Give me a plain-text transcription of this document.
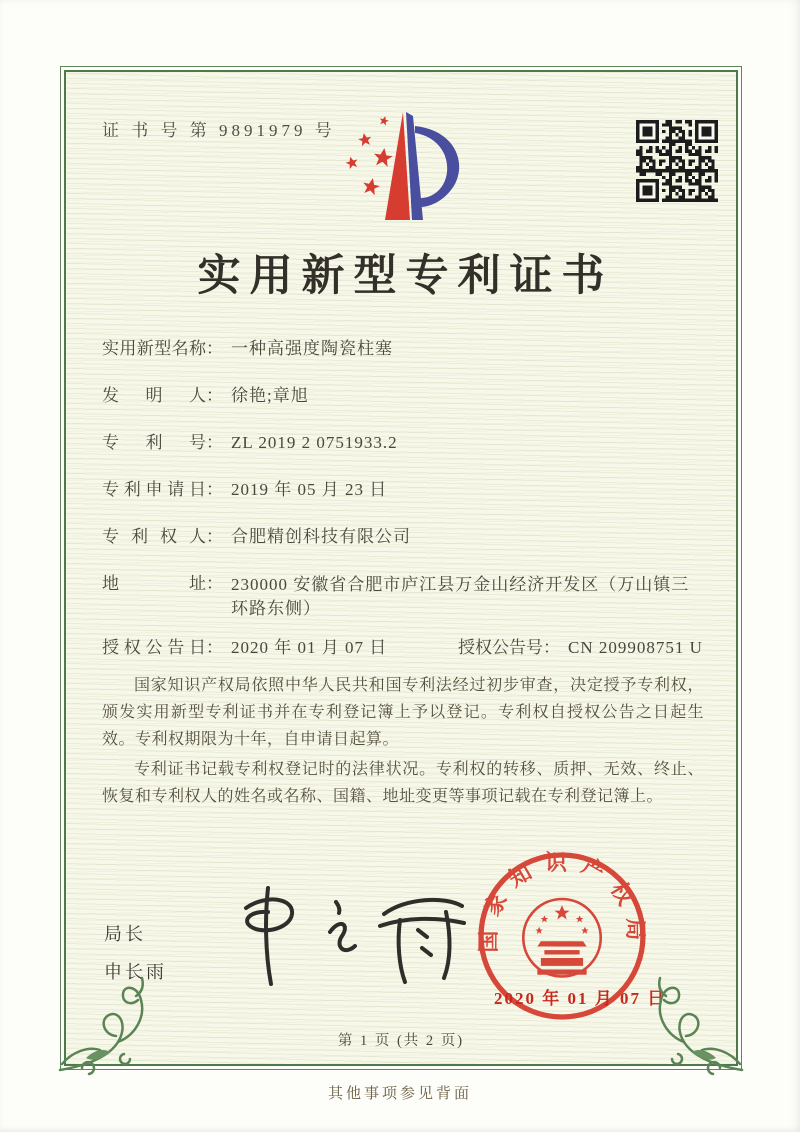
证 书 号 第 9891979 号
实用新型专利证书
实用新型名称 ： 一种高强度陶瓷柱塞
发明人 ： 徐艳;章旭
专利号 ： ZL 2019 2 0751933.2
专利申请日 ： 2019 年 05 月 23 日
专利权人 ： 合肥精创科技有限公司
地址 ： 230000 安徽省合肥市庐江县万金山经济开发区（万山镇三环路东侧）
授权公告日 ： 2020 年 01 月 07 日	授权公告号 ： CN 209908751 U

国家知识产权局依照中华人民共和国专利法经过初步审查，决定授予专利权，颁发实用新型专利证书并在专利登记簿上予以登记。专利权自授权公告之日起生效。专利权期限为十年，自申请日起算。

专利证书记载专利权登记时的法律状况。专利权的转移、质押、无效、终止、恢复和专利权人的姓名或名称、国籍、地址变更等事项记载在专利登记簿上。

局长
申长雨
国家知识产权局
2020 年 01 月 07 日
第 1 页 (共 2 页)
其他事项参见背面
